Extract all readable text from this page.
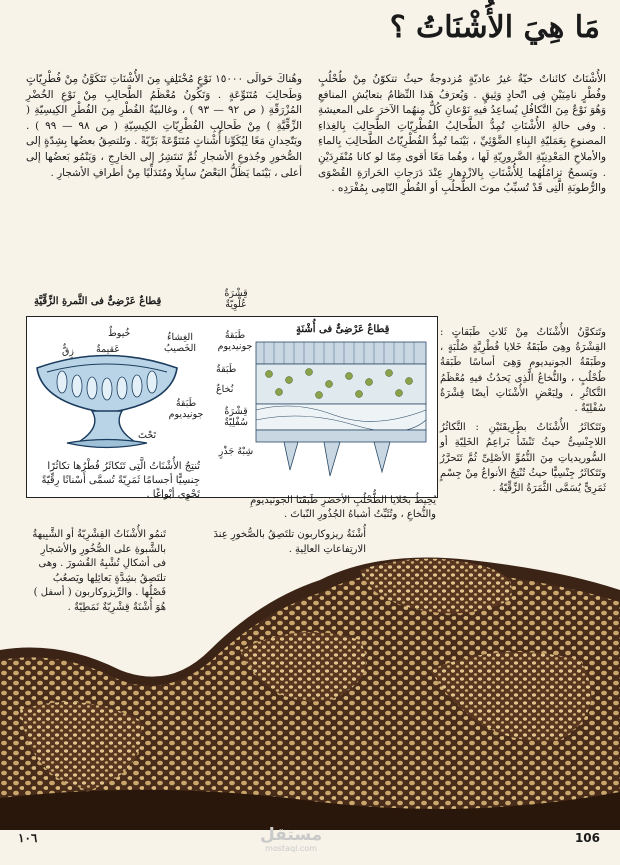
مَا هِيَ الأُشْنَاتُ ؟

الأُشْنَاتُ كائناتٌ حيّةٌ غيرُ عاديّةٍ مُزدوجةٌ حيثُ تتكوّنُ مِنْ طُحْلُبٍ وفُطْرٍ نامِيَيْنِ فِى اتّحادٍ وَثِيقٍ . وَيُعرَفُ هَذا النِّظامُ بتعايُشِ المنافعِ وَهُوَ نَوْعٌ مِنَ التَّكافُلِ يُساعِدُ فيهِ نَوْعانِ كُلٌّ مِنهُما الآخرَ على المعيشةِ . وفى حالةِ الأُشْنَاتِ تُمِدُّ الطَّحالِبُ الفُطْرِيّاتِ الطَّحالِبَ بِالغِذاءِ المصنوعِ بِعَمَليّةِ البِناءِ الضَّوْئِيِّ ، بَيْنَما تُمِدُّ الفُطْرِيّاتُ الطَّحالِبَ بِالماءِ والأملاحِ المَعْدِنِيّةِ الضَّرورِيّةِ لَها ، وهُما مَعًا أقوى مِمّا لو كانا مُنْفَرِدَيْنِ . ويَسمحُ تزامُلُهُما لِلأُشْنَاتِ بِالازْدِهارِ عِنْدَ دَرَجاتِ الحَرارَةِ القُصْوَى والرُّطوبَةِ الَّتِى قَدْ تُسبِّبُ موتَ الطُّحلُبِ أو الفُطْرِ النّامِى بِمُفْرَدِه .

وهُناكَ حَوالَى ١٥٠٠٠ نَوْعٍ مُخْتَلِفٍ مِنَ الأُشْنَاتِ تَتَكَوَّنُ مِنْ فُطْرِيّاتٍ وَطَحالِبَ مُتَنَوِّعَةٍ . وَتَكُونُ مُعْظَمُ الطَّحالِبِ مِنْ نَوْعِ الخُضْرِ المُزْرَقّةِ ( ص ٩٢ — ٩٣ ) ، وغالبيّةُ الفُطْرِ مِنَ الفُطْرِ الكِيسِيّةِ ( الزِّقِّيَّةِ ) مِنْ طَحالِبِ الفُطْرِيّاتِ الكِيسِيّةِ ( ص ٩٨ — ٩٩ ) . ويَتّحِدانِ مَعًا لِيُكَوِّنا أُشْناتٍ مُتَنَوِّعَةً بَرِّيّةً . وتَلتصِقُ بعضُها بِشِدّةٍ إلى الصُّخورِ وجُذوعِ الأشجارِ ثُمَّ تَنتَشِرُ إلى الخارِجِ ، وَيَنْمُو بَعضُها إلى أعلى ، بَيْنَما يَظَلُّ البَعْضُ سابِلًا ومُتَدَلِّيًا مِنْ أطرافِ الأشجارِ .

وتَتكوَّنُ الأُشْنَاتُ مِنْ ثَلاثِ طَبَقاتٍ : القِشْرَةُ وهِىَ طَبَقَةُ خَلايا فُطْرِيَّةٍ صُلْبَةٍ ، وطَبَقَةُ الجونيديومِ وَهِىَ أساسًا طَبَقةُ طُحْلُبٍ ، والنُّخاعُ الَّذِى يَحدُثُ فيهِ مُعْظَمُ التَّكاثُرِ ، ولِبَعْضِ الأُشْنَاتِ أيضًا قِشْرَةٌ سُفْلِيّةٌ .

وتَتَكاثَرُ الأُشْنَاتُ بطَرِيقَتَيْنِ : التَّكاثُرُ اللاجِنْسِىُّ حيثُ تَنْشَأُ بَراعِمُ الخَلِيّةِ أو السُّوريدياتِ مِنَ النُّمُوِّ الأصْلِىِّ ثُمَّ تَتَحرَّرُ وتَتَكاثَرُ جِنْسِيًّا حيثُ تُنْتِجُ الأنواعُ مِنْ جِسْمٍ ثَمَرِىٍّ يُسَمَّى الثَّمَرَةُ الزِّقِّيّةُ .

قِطاعٌ عَرْضِىٌّ فى الثَّمرةِ الزِّقِّيَّةِ
قِطاعٌ عَرْضِىٌّ فى أُشْنَةٍ
خُيوطٌ
زِقٌّ عَقيمةٌ
الغِشاءُ الخَصيبُ
طَبَقةُ جونيديوم
تَحْتَ
قِشْرَةٌ عُلْوِيّةٌ
طَبَقةُ جونيديوم
طَبَقةٌ
نُخاعٌ
قِشْرَةٌ سُفْلِيّةٌ
شِبْهُ جَذْرٍ
تُنتِجُ الأُشْنَاتُ الَّتِى تَتَكاثَرُ فُطْرُها تكاثُرًا جِنسِيًّا أجسامًا ثَمَرِيّةً تُسمَّى أَسْنانًا رِقِّيّةً تَحْوِى أبْواغًا .
يُحِيطُ بخَلايا الطُّحْلُبِ الأخضرِ طَبَقَتا الجونيديومِ والنُّخاعِ ، وتُثَبِّتُ أشباهُ الجُذُورِ النّباتَ .
تَنمُو الأُشْنَاتُ القِشْرِيّةُ أو الشَّبِيهةُ بالشَّبوةِ على الصُّخُورِ والأشجارِ فى أشكالِ تُشْبِهُ القُشورَ . وهى تلتَصِقُ بشِدَّةٍ بَعائِلِها ويَصعُبُ فَصْلُها . والرِّيزوكاربون ( أسفل ) هُوَ أُشْنَةٌ قِشْرِيّةٌ نَمَطِيّةٌ .
أُشْنَةُ ريزوكاربون تلتَصِقُ بالصُّخورِ عِندَ الارتِفاعاتِ العالِيةِ .
١٠٦	106
مستقل
mostaql.com
